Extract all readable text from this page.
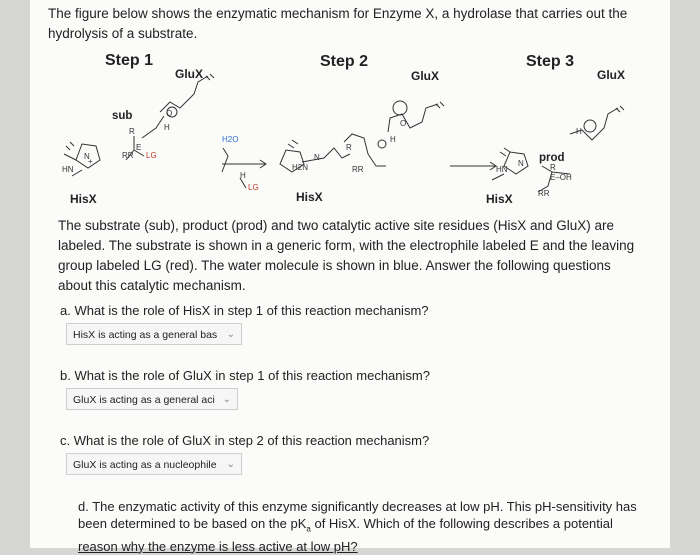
The figure below shows the enzymatic mechanism for Enzyme X, a hydrolase that carries out the
hydrolysis of a substrate.

Step 1	Step 2	Step 3
GluX	GluX	GluX
sub
prod
HisX	HisX	HisX
N
+
HN
R
RR
E
LG
O
H
H2O
H
LG
H2N
N
R
RR
H
O
N
HN
H
R
E–OH
RR

The substrate (sub), product (prod) and two catalytic active site residues (HisX and GluX) are labeled. The substrate is shown in a generic form, with the electrophile labeled E and the leaving group labeled LG (red). The water molecule is shown in blue. Answer the following questions about this catalytic mechanism.

a. What is the role of HisX in step 1 of this reaction mechanism?

HisX is acting as a general bas ⌄

b. What is the role of GluX in step 1 of this reaction mechanism?

GluX is acting as a general aci ⌄

c. What is the role of GluX in step 2 of this reaction mechanism?

GluX is acting as a nucleophile ⌄

d. The enzymatic activity of this enzyme significantly decreases at low pH. This pH-sensitivity has
been determined to be based on the $pK_a$ of HisX. Which of the following describes a potential
reason why the enzyme is less active at low pH?
